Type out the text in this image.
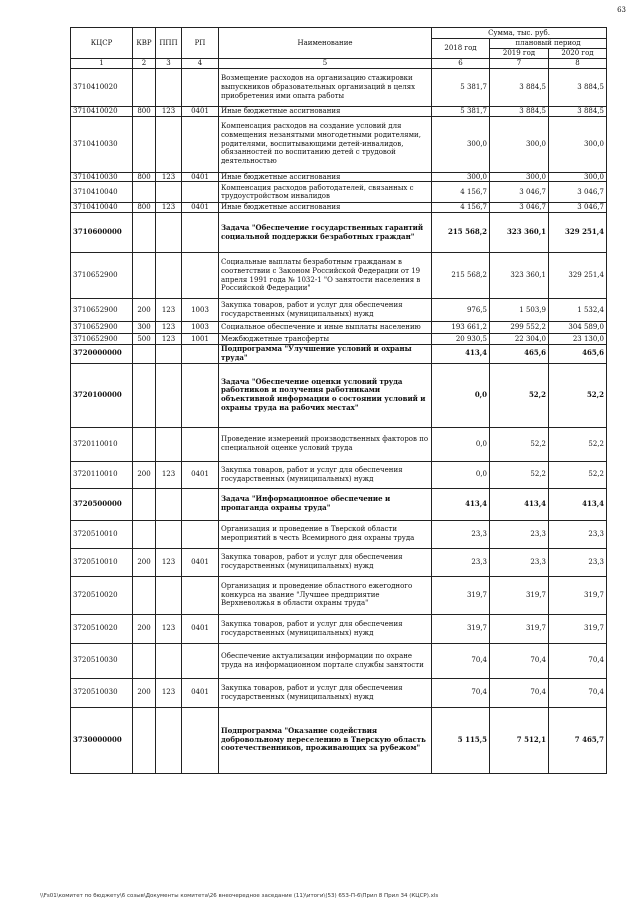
63
КЦСР	КВР	ППП	РП	Наименование	Сумма, тыс. руб.		
					2018 год	плановый период	
						2019 год	2020 год
1	2	3	4	5	6	7	8
3710410020				Возмещение расходов на организацию стажировки выпускников образовательных организаций в целях приобретения ими опыта работы	5 381,7	3 884,5	3 884,5
3710410020	800	123	0401	Иные бюджетные ассигнования	5 381,7	3 884,5	3 884,5
3710410030				Компенсация расходов на создание условий для совмещения незанятыми многодетными родителями, родителями, воспитывающими детей-инвалидов, обязанностей по воспитанию детей с трудовой деятельностью	300,0	300,0	300,0
3710410030	800	123	0401	Иные бюджетные ассигнования	300,0	300,0	300,0
3710410040				Компенсация расходов работодателей, связанных с трудоустройством инвалидов	4 156,7	3 046,7	3 046,7
3710410040	800	123	0401	Иные бюджетные ассигнования	4 156,7	3 046,7	3 046,7
3710600000				Задача "Обеспечение государственных гарантий социальной поддержки безработных граждан"	215 568,2	323 360,1	329 251,4
3710652900				Социальные выплаты безработным гражданам в соответствии с Законом Российской Федерации от 19 апреля 1991 года № 1032-1 "О занятости населения в Российской Федерации"	215 568,2	323 360,1	329 251,4
3710652900	200	123	1003	Закупка товаров, работ и услуг для обеспечения государственных (муниципальных) нужд	976,5	1 503,9	1 532,4
3710652900	300	123	1003	Социальное обеспечение и иные выплаты населению	193 661,2	299 552,2	304 589,0
3710652900	500	123	1001	Межбюджетные трансферты	20 930,5	22 304,0	23 130,0
3720000000				Подпрограмма "Улучшение условий и охраны труда"	413,4	465,6	465,6
3720100000				Задача "Обеспечение оценки условий труда работников и получения работниками объективной информации о состоянии условий и охраны труда на рабочих местах"	0,0	52,2	52,2
3720110010				Проведение измерений производственных факторов по специальной оценке условий труда	0,0	52,2	52,2
3720110010	200	123	0401	Закупка товаров, работ и услуг для обеспечения государственных (муниципальных) нужд	0,0	52,2	52,2
3720500000				Задача "Информационное обеспечение и пропаганда охраны труда"	413,4	413,4	413,4
3720510010				Организация и проведение в Тверской области мероприятий в честь Всемирного дня охраны труда	23,3	23,3	23,3
3720510010	200	123	0401	Закупка товаров, работ и услуг для обеспечения государственных (муниципальных) нужд	23,3	23,3	23,3
3720510020				Организация и проведение областного ежегодного конкурса на звание "Лучшее предприятие Верхневолжья в области охраны труда"	319,7	319,7	319,7
3720510020	200	123	0401	Закупка товаров, работ и услуг для обеспечения государственных (муниципальных) нужд	319,7	319,7	319,7
3720510030				Обеспечение актуализации информации по охране труда на информационном портале службы занятости	70,4	70,4	70,4
3720510030	200	123	0401	Закупка товаров, работ и услуг для обеспечения государственных (муниципальных) нужд	70,4	70,4	70,4
3730000000				Подпрограмма "Оказание содействия добровольному переселению в Тверскую область соотечественников, проживающих за рубежом"	5 115,5	7 512,1	7 465,7
\\Fs01\комитет по бюджету\6 созыв\Документы комитета\26 внеочередное заседание (11)\итоги\(53) 653-П-6\Прил 8 Прил 34 (КЦСР).xls
